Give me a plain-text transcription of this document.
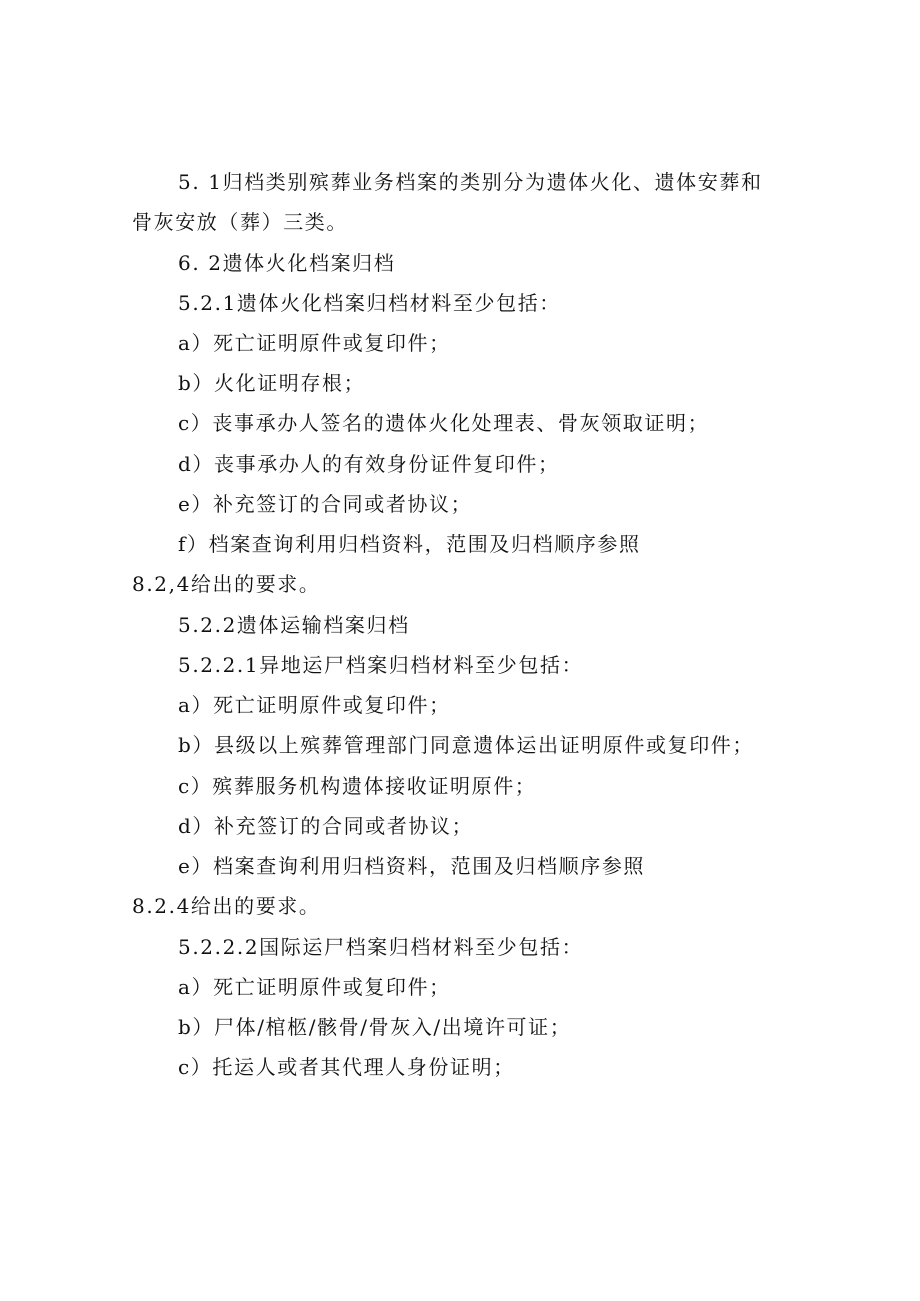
5. 1归档类别殡葬业务档案的类别分为遗体火化、遗体安葬和
骨灰安放（葬）三类。
6. 2遗体火化档案归档
5.2.1遗体火化档案归档材料至少包括：
a）死亡证明原件或复印件；
b）火化证明存根；
c）丧事承办人签名的遗体火化处理表、骨灰领取证明；
d）丧事承办人的有效身份证件复印件；
e）补充签订的合同或者协议；
f）档案查询利用归档资料，范围及归档顺序参照
8.2,4给出的要求。
5.2.2遗体运输档案归档
5.2.2.1异地运尸档案归档材料至少包括：
a）死亡证明原件或复印件；
b）县级以上殡葬管理部门同意遗体运出证明原件或复印件；
c）殡葬服务机构遗体接收证明原件；
d）补充签订的合同或者协议；
e）档案查询利用归档资料，范围及归档顺序参照
8.2.4给出的要求。
5.2.2.2国际运尸档案归档材料至少包括：
a）死亡证明原件或复印件；
b）尸体/棺柩/骸骨/骨灰入/出境许可证；
c）托运人或者其代理人身份证明；
